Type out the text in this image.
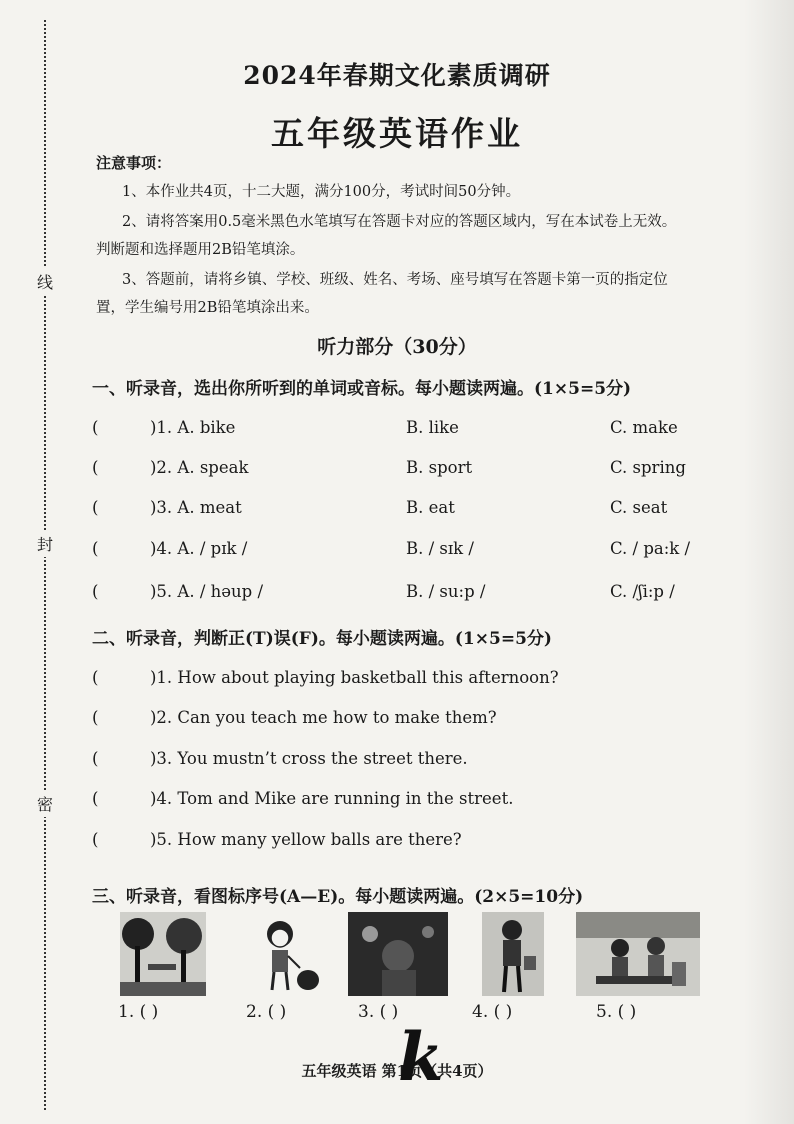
线
封
密
2024年春期文化素质调研
五年级英语作业
注意事项：
1、本作业共4页，十二大题，满分100分，考试时间50分钟。
2、请将答案用0.5毫米黑色水笔填写在答题卡对应的答题区域内，写在本试卷上无效。
判断题和选择题用2B铅笔填涂。
3、答题前，请将乡镇、学校、班级、姓名、考场、座号填写在答题卡第一页的指定位
置，学生编号用2B铅笔填涂出来。
听力部分（30分）
一、听录音，选出你所听到的单词或音标。每小题读两遍。(1×5=5分)
(	)1. A. bike	B. like	C. make
(	)2. A. speak	B. sport	C. spring
(	)3. A. meat	B. eat	C. seat
(	)4. A. / pɪk /	B. / sɪk /	C. / pa:k /
(	)5. A. / həup /	B. / su:p /	C. /ʃi:p /
二、听录音，判断正(T)误(F)。每小题读两遍。(1×5=5分)
(	)1. How about playing basketball this afternoon?
(	)2. Can you teach me how to make them?
(	)3. You mustn’t cross the street there.
(	)4. Tom and Mike are running in the street.
(	)5. How many yellow balls are there?
三、听录音，看图标序号(A—E)。每小题读两遍。(2×5=10分)
1. ( )	2. ( )	3. ( )	4. ( )	5. ( )
五年级英语 第1页（共4页）
k
